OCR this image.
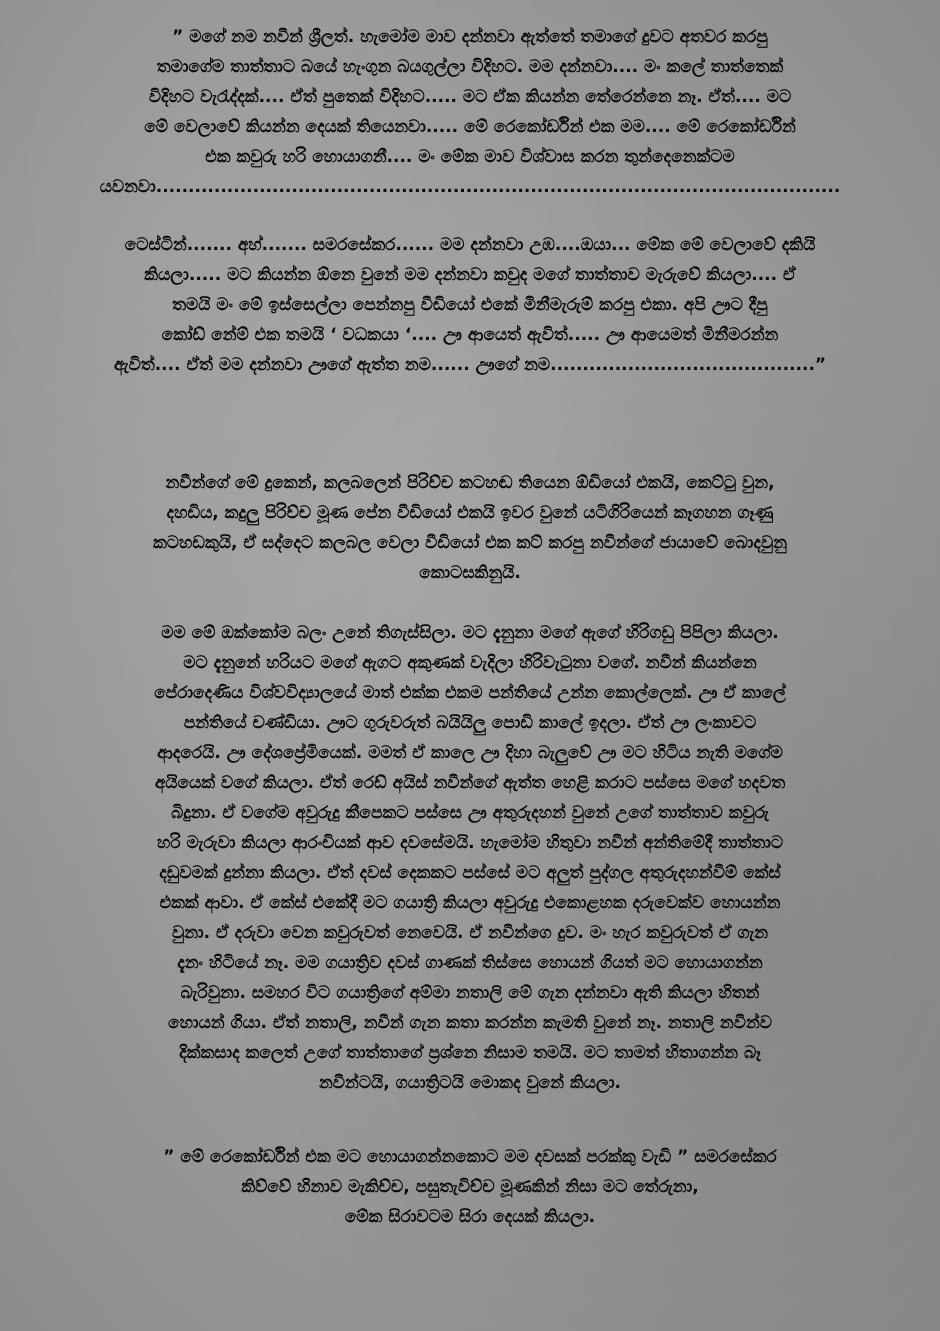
” මගේ නම නවීන් ශ්‍රීලත්. හැමෝම මාව දන්නවා ඇත්තේ තමාගේ දුවට අතවර කරපු
තමාගේම තාත්තාට බයේ හැංගුන බයගුල්ලා විදිහට. මම දන්නවා.... මං කලේ තාත්තෙක්
විදිහට වැරැද්දක්.... ඒත් පුතෙක් විදිහට..... මට ඒක කියන්න තේරෙන්නෙ නෑ. ඒත්.... මට
මේ වෙලාවේ කියන්න දෙයක් තියෙනවා..... මේ රෙකෝර්ඩින් එක මම.... මේ රෙකෝර්ඩින්
එක කවුරු හරි හොයාගනී.... මං මේක මාව විශ්වාස කරන තුන්දෙනෙක්ටම
යවනවා..........................................................................................................
ටෙස්ටින්....... අහ්....... සමරසේකර...... මම දන්නවා උඹ....ඔයා... මේක මේ වෙලාවේ දකියි
කියලා..... මට කියන්න ඕනෙ වුනේ මම දන්නවා කවුද මගේ තාත්තාව මැරුවේ කියලා.... ඒ
තමයි මං මේ ඉස්සෙල්ලා පෙන්නපු වීඩියෝ එකේ මිනීමැරුම් කරපු එකා. අපි ඌට දීපු
කෝඩ් නේම් එක තමයි ‘ වධකයා ‘.... ඌ ආයෙත් ඇවිත්..... ඌ ආයෙමත් මිනීමරන්න
ඇවිත්.... ඒත් මම දන්නවා ඌගේ ඇත්ත නම...... ඌගේ නම.........................................”
නවීන්ගේ මේ දුකෙන්, කලබලෙන් පිරිච්ච කටහඬ තියෙන ඕඩියෝ එකයි, කෙට්ටු වුන,
දහඩිය, කදුලු පිරිච්ච මූණ පේන වීඩියෝ එකයි ඉවර වුනේ යටිගිරියෙන් කෑගහන ගෑණු
කටහඩකුයි, ඒ සද්දෙට කලබල වෙලා වීඩියෝ එක කට් කරපු නවීන්ගේ ජායාවේ බොදවුනු
කොටසකිනුයි.
මම මේ ඔක්කෝම බලං උනේ තිගැස්සිලා. මට දැනුනා මගේ ඇගේ හිරිගඩු පිපිලා කියලා.
මට දැනුනේ හරියට මගේ ඇගට අකුණක් වැදිලා හිරිවැටුනා වගේ. නවීන් කියන්නෙ
පේරාදෙණිය විශ්වවිද්‍යාලයේ මාත් එක්ක එකම පන්තියේ උන්න කොල්ලෙක්. ඌ ඒ කාලේ
පන්තියේ චණ්ඩියා. ඌට ගුරුවරුත් බයියිලු පොඩි කාලේ ඉදලා. ඒත් ඌ ලංකාවට
ආදරෙයි. ඌ දේශප්‍රේමියෙක්. මමත් ඒ කාලෙ ඌ දිහා බැලුවේ ඌ මට හිටිය නැති මගේම
අයියෙක් වගේ කියලා. ඒත් රෙඩ් අයිස් නවීන්ගේ ඇත්ත හෙළි කරාට පස්සෙ මගේ හදවත
බිදුනා. ඒ වගේම අවුරුදු කීපෙකට පස්සෙ ඌ අතුරුදහන් වුනේ උගේ තාත්තාව කවුරු
හරි මැරුවා කියලා ආරංචියක් ආව දවසේමයි. හැමෝම හිතුවා නවීන් අන්තිමේදී තාත්තාට
දඩුවමක් දුන්නා කියලා. ඒත් දවස් දෙකකට පස්සේ මට අලුත් පුද්ගල අතුරුදහන්වීම් කේස්
එකක් ආවා. ඒ කේස් එකේදී මට ගයාත්‍රි කියලා අවුරුදු එකොළහක දරුවෙක්ව හොයන්න
වුනා. ඒ දරුවා වෙන කවුරුවත් නෙවෙයි. ඒ නවීන්ගෙ දුව. මං හැර කවුරුවත් ඒ ගැන
දැනං හිටියේ නෑ. මම ගයාත්‍රිව දවස් ගාණක් තිස්සෙ හොයන් ගියත් මට හොයාගන්න
බැරිවුනා. සමහර විට ගයාත්‍රිගේ අම්මා නතාලි මේ ගැන දන්නවා ඇති කියලා හිතන්
හොයන් ගියා. ඒත් නතාලි, නවීන් ගැන කතා කරන්න කැමති වුනේ නෑ. නතාලි නවීන්ව
දික්කසාද කලෙත් උගේ තාත්තාගේ ප්‍රශ්නෙ නිසාම තමයි. මට තාමත් හිතාගන්න බෑ
නවීන්ටයි, ගයාත්‍රිටයි මොකද වුනේ කියලා.
” මේ රෙකෝර්ඩින් එක මට හොයාගන්නකොට මම දවසක් පරක්කු වැඩි ” සමරසේකර
කිව්වේ හිනාව මැකිච්ච, පසුතැවිච්ච මූණකින් නිසා මට තේරුනා,
මේක සිරාවටම සිරා දෙයක් කියලා.
